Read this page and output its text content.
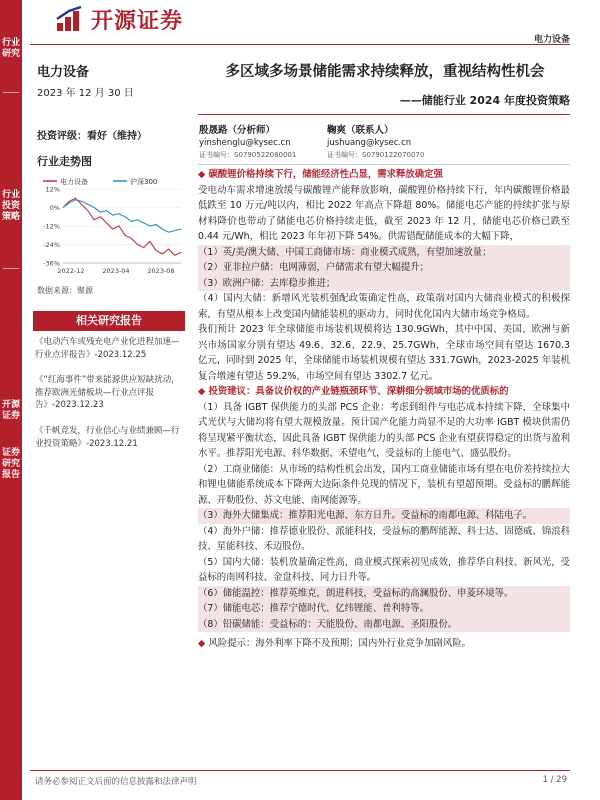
行业研究
行业投资策略
开源证券
证券研究报告
开源证券
电力设备
电力设备
2023 年 12 月 30 日
投资评级：看好（维持）
行业走势图
电力设备	沪深300
12%
0%
-12%
-24%
-36%
2022-12	2023-04	2023-08
数据来源：聚源
相关研究报告
《电动汽车或残充电产业化进程加速—行业点评报告》-2023.12.25
《“红海事件”带来能源供应短缺扰动，推荐欧洲光储板块—行业点评报告》-2023.12.23
《千帆竞发，行业信心与业绩兼顾—行业投资策略》-2023.12.21
多区域多场景储能需求持续释放，重视结构性机会
——储能行业 2024 年度投资策略
殷晟路（分析师）
yinshenglu@kysec.cn
证书编号：S0790522080001
鞠爽（联系人）
jushuang@kysec.cn
证书编号：S0790122070070
◆ 碳酸锂价格持续下行，储能经济性凸显，需求释放确定强
受电动车需求增速放缓与碳酸锂产能释放影响，碳酸锂价格持续下行，年内碳酸锂价格最低跌至 10 万元/吨以内，相比 2022 年高点下降超 80%。储能电芯产能的持续扩张与原材料降价也带动了储能电芯价格持续走低，截至 2023 年 12 月，储能电芯价格已跌至 0.44 元/Wh，相比 2023 年年初下降 54%。供需错配储能成本的大幅下降，
（1）英/美/澳大储、中国工商储市场：商业模式成熟，有望加速放量；
（2）亚非拉户储：电网薄弱，户储需求有望大幅提升；
（3）欧洲户储：去库稳步推进；
（4）国内大储：新增风光装机强配政策确定性高，政策端对国内大储商业模式的积极探索，有望从根本上改变国内储能装机的驱动力，同时优化国内大储市场竞争格局。
我们预计 2023 年全球储能市场装机规模将达 130.9GWh，其中中国、美国、欧洲与新兴市场国家分别有望达 49.6、32.6、22.9、25.7GWh，全球市场空间有望达 1670.3 亿元，同时到 2025 年，全球储能市场装机规模有望达 331.7GWh，2023-2025 年装机复合增速有望达 59.2%，市场空间有望达 3302.7 亿元。
◆ 投资建议：具备议价权的产业链瓶颈环节、深耕细分领域市场的优质标的
（1）具备 IGBT 保供能力的头部 PCS 企业：考虑到组件与电芯成本持续下降，全球集中式光伏与大储均将有望大规模放量。预计国产化能力尚显不足的大功率 IGBT 模块供需仍将呈现紧平衡状态，因此具备 IGBT 保供能力的头部 PCS 企业有望获得稳定的出货与盈利水平。推荐阳光电源、科华数据、禾望电气，受益标的上能电气、盛弘股份。
（2）工商业储能：从市场的结构性机会出发，国内工商业储能市场有望在电价差持续拉大和锂电储能系统成本下降两大边际条件兑现的情况下，装机有望超预期。受益标的鹏辉能源、开勒股份、苏文电能、南网能源等。
（3）海外大储集成：推荐阳光电源、东方日升。受益标的南都电源、科陆电子。
（4）海外户储：推荐德业股份、派能科技，受益标的鹏辉能源、科士达、固德威、锦浪科技、星能科技、禾迈股份。
（5）国内大储：装机放量确定性高，商业模式探索初见成效，推荐华自科技、新风光，受益标的南网科技、金盘科技、同力日升等。
（6）储能温控：推荐英维克，朗进科技，受益标的高澜股份、申菱环境等。
（7）储能电芯：推荐宁德时代、亿纬锂能、普利特等。
（8）铅碳储能：受益标的：天能股份、南都电源、圣阳股份。
◆ 风险提示：海外利率下降不及预期；国内外行业竞争加剧风险。
请务必参阅正文后面的信息披露和法律声明	1 / 29
